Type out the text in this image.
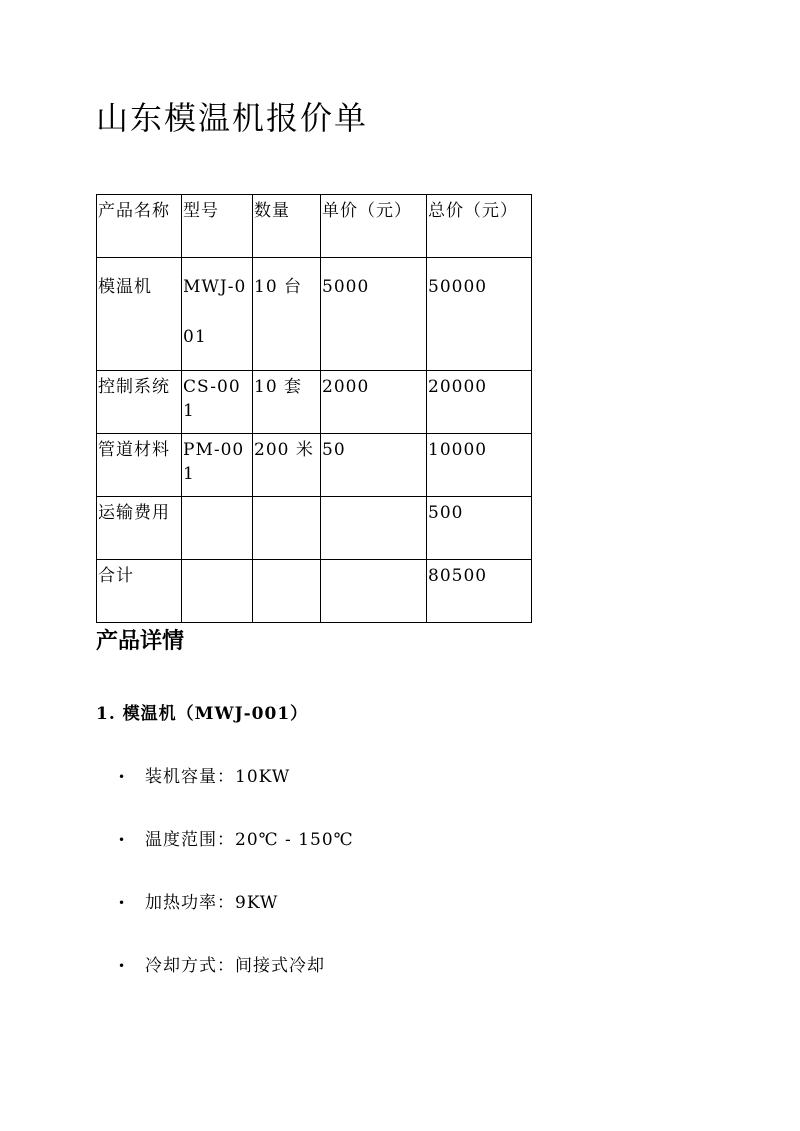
山东模温机报价单
产品名称	型号	数量	单价（元）	总价（元）

模温机	MWJ-001	10 台	5000	50000

控制系统	CS-001	10 套	2000	20000

管道材料	PM-001	200 米	50	10000

运输费用				500

合计				80500
产品详情
1. 模温机（MWJ-001）
•	装机容量：10KW
•	温度范围：20℃ - 150℃
•	加热功率：9KW
•	冷却方式：间接式冷却
